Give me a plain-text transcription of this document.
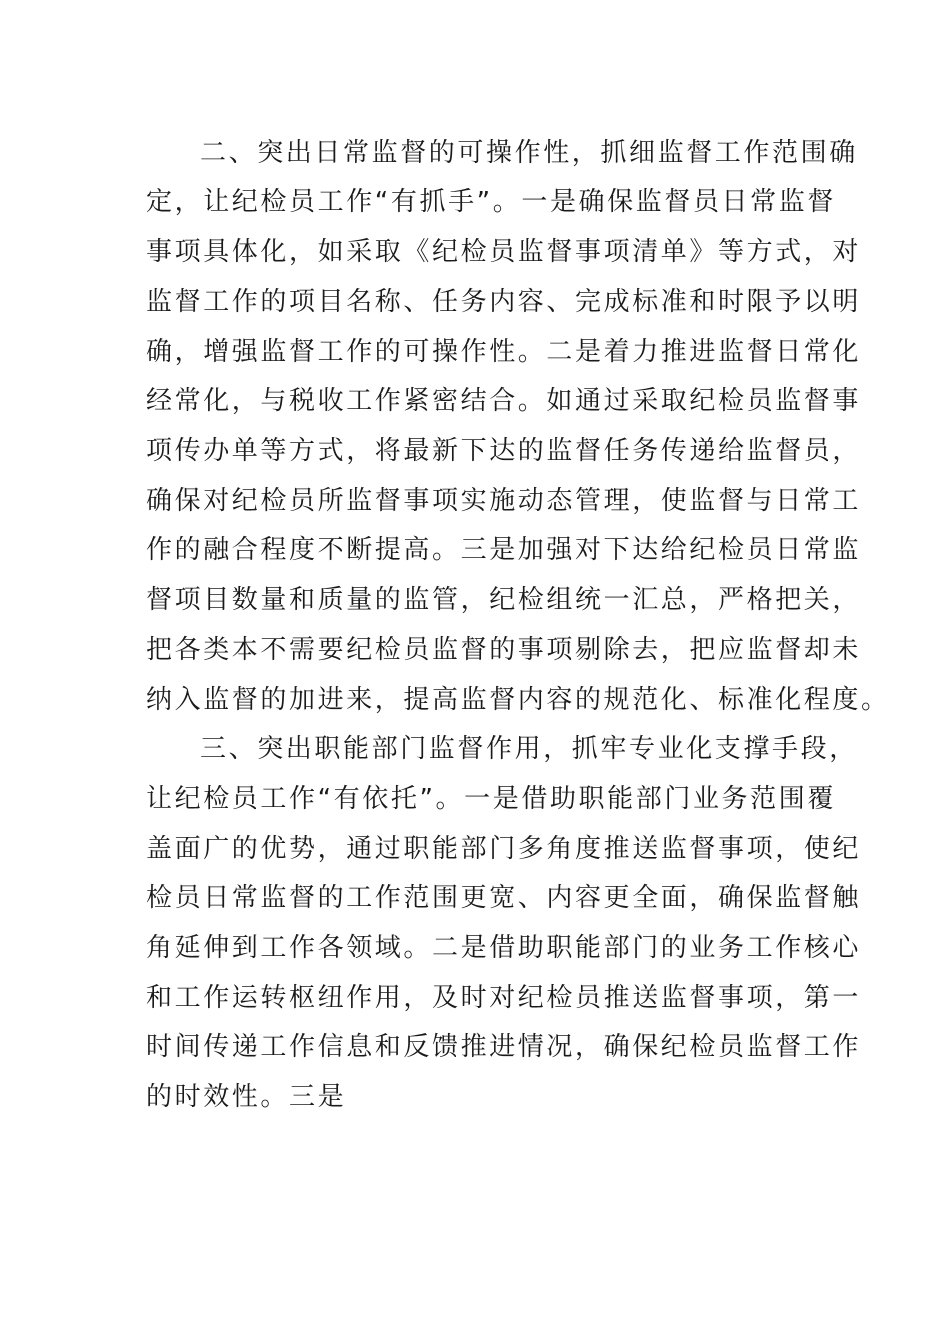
二、突出日常监督的可操作性，抓细监督工作范围确
定，让纪检员工作“有抓手”。一是确保监督员日常监督
事项具体化，如采取《纪检员监督事项清单》等方式，对
监督工作的项目名称、任务内容、完成标准和时限予以明
确，增强监督工作的可操作性。二是着力推进监督日常化
经常化，与税收工作紧密结合。如通过采取纪检员监督事
项传办单等方式，将最新下达的监督任务传递给监督员，
确保对纪检员所监督事项实施动态管理，使监督与日常工
作的融合程度不断提高。三是加强对下达给纪检员日常监
督项目数量和质量的监管，纪检组统一汇总，严格把关，
把各类本不需要纪检员监督的事项剔除去，把应监督却未
纳入监督的加进来，提高监督内容的规范化、标准化程度。
三、突出职能部门监督作用，抓牢专业化支撑手段，
让纪检员工作“有依托”。一是借助职能部门业务范围覆
盖面广的优势，通过职能部门多角度推送监督事项，使纪
检员日常监督的工作范围更宽、内容更全面，确保监督触
角延伸到工作各领域。二是借助职能部门的业务工作核心
和工作运转枢纽作用，及时对纪检员推送监督事项，第一
时间传递工作信息和反馈推进情况，确保纪检员监督工作
的时效性。三是
